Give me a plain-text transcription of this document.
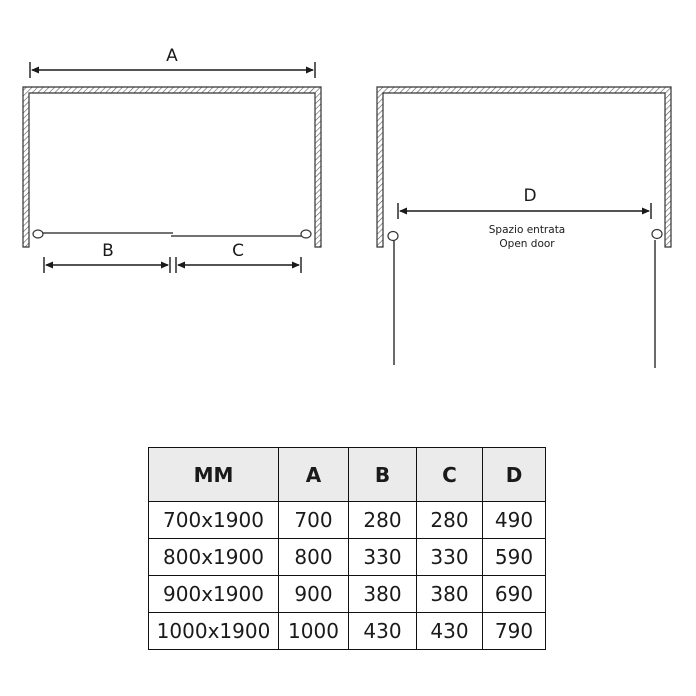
A
B	C
D
Spazio entrata
Open door
MM	A	B	C	D
700x1900	700	280	280	490
800x1900	800	330	330	590
900x1900	900	380	380	690
1000x1900	1000	430	430	790
